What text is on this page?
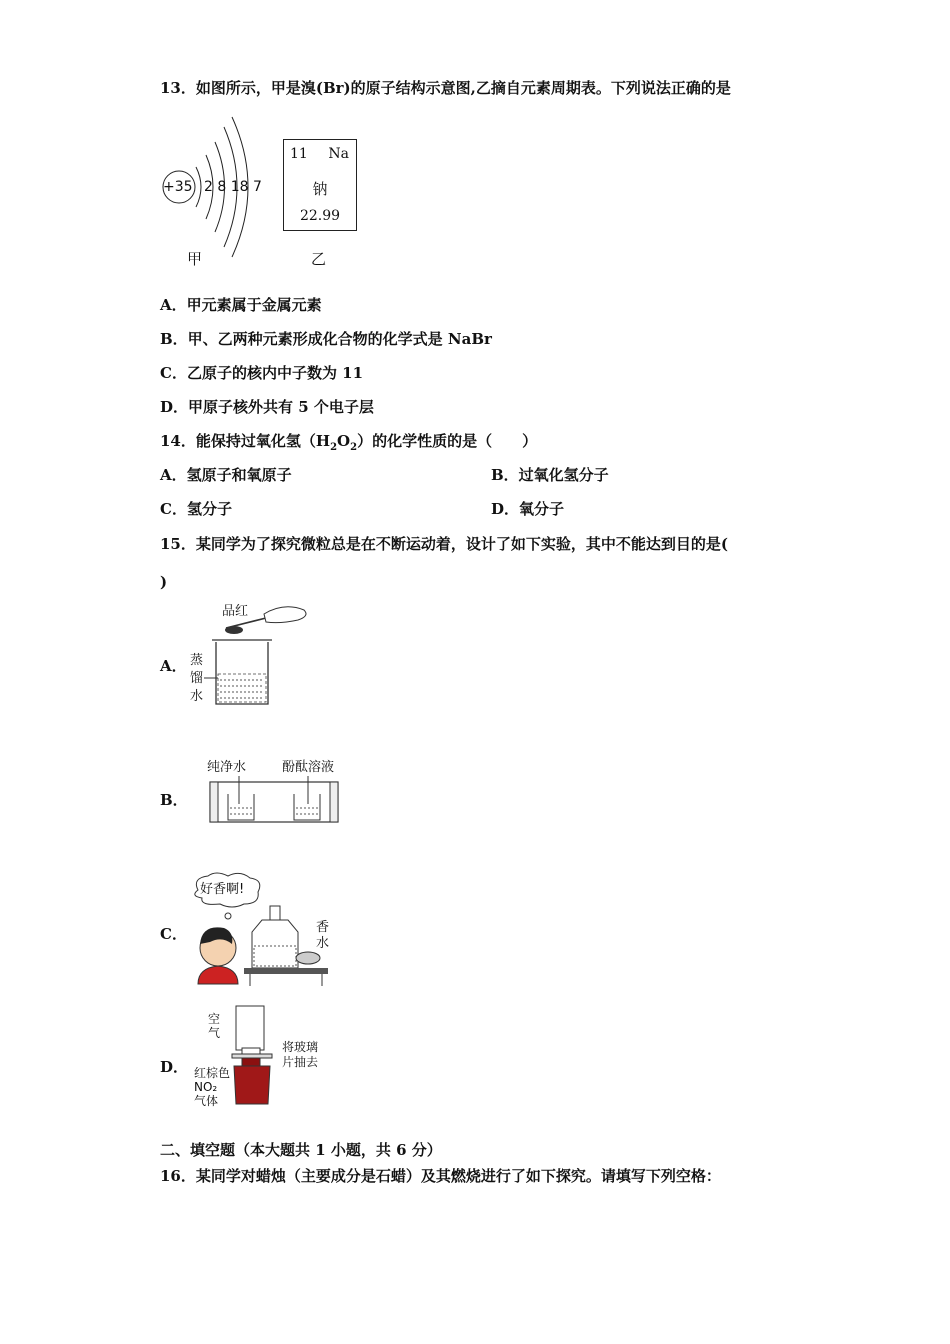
13．如图所示，甲是溴(Br)的原子结构示意图,乙摘自元素周期表。下列说法正确的是
+35 2 8 18 7
甲
11 Na
钠
22.99
乙
A．甲元素属于金属元素
B．甲、乙两种元素形成化合物的化学式是 NaBr
C．乙原子的核内中子数为 11
D．甲原子核外共有 5 个电子层
14．能保持过氧化氢$(H_2O_2)$的化学性质的是（　　）
A．氢原子和氧原子	B．过氧化氢分子
C．氢分子	D．氧分子
15．某同学为了探究微粒总是在不断运动着，设计了如下实验，其中不能达到目的是(
)
A．
品红
蒸
馏
水
B．
纯净水	酚酞溶液
C．
好香啊!
香
水
D．
空
气
将玻璃
片抽去
红棕色
NO₂
气体
二、填空题（本大题共 1 小题，共 6 分）
16．某同学对蜡烛（主要成分是石蜡）及其燃烧进行了如下探究。请填写下列空格：
